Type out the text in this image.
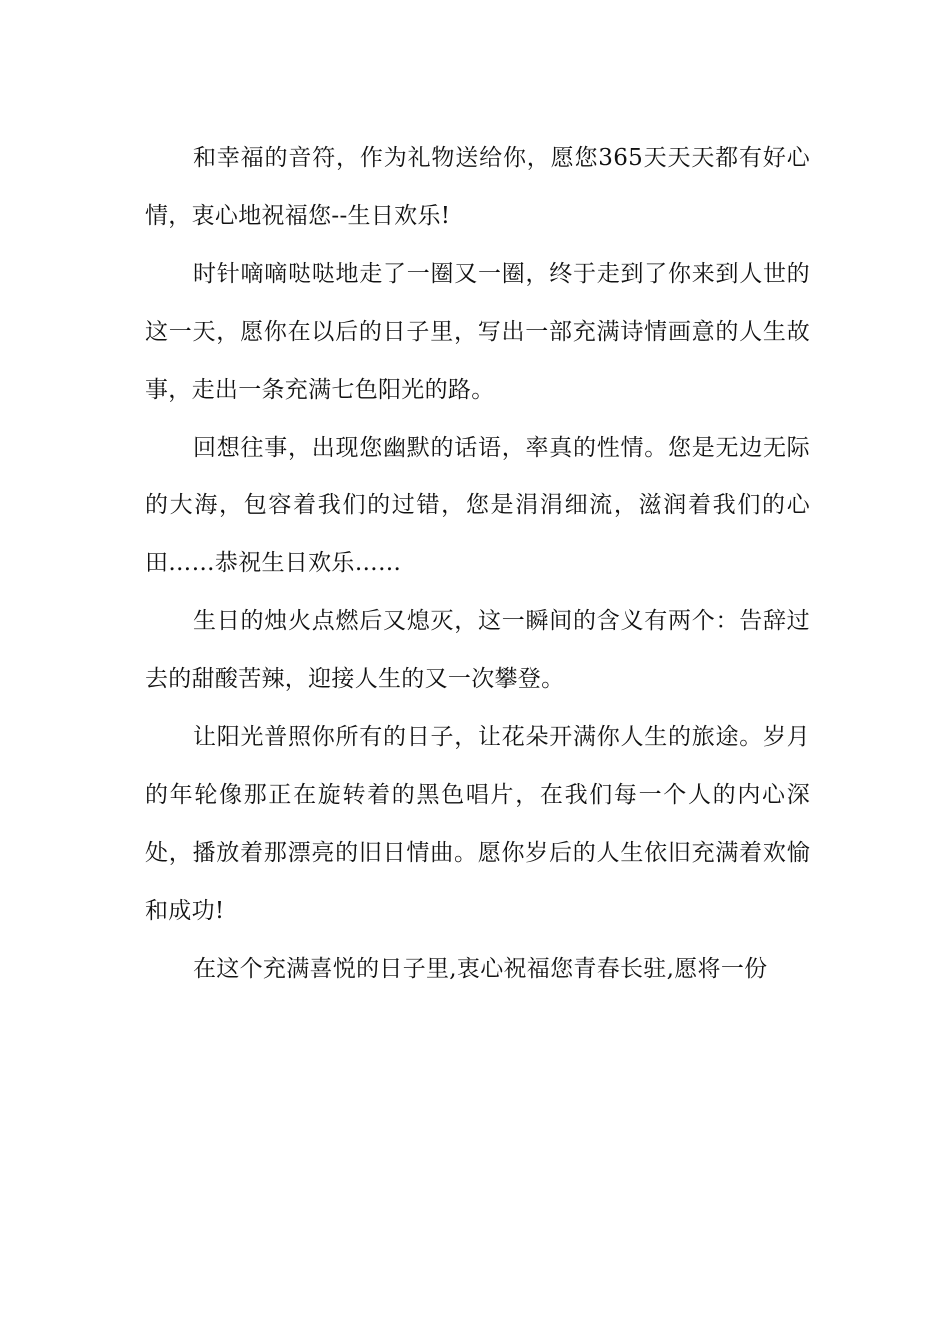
和幸福的音符，作为礼物送给你，愿您365天天天都有好心情，衷心地祝福您--生日欢乐!

时针嘀嘀哒哒地走了一圈又一圈，终于走到了你来到人世的这一天，愿你在以后的日子里，写出一部充满诗情画意的人生故事，走出一条充满七色阳光的路。

回想往事，出现您幽默的话语，率真的性情。您是无边无际的大海，包容着我们的过错，您是涓涓细流，滋润着我们的心田……恭祝生日欢乐……

生日的烛火点燃后又熄灭，这一瞬间的含义有两个：告辞过去的甜酸苦辣，迎接人生的又一次攀登。

让阳光普照你所有的日子，让花朵开满你人生的旅途。岁月的年轮像那正在旋转着的黑色唱片，在我们每一个人的内心深处，播放着那漂亮的旧日情曲。愿你岁后的人生依旧充满着欢愉和成功!

在这个充满喜悦的日子里,衷心祝福您青春长驻,愿将一份
